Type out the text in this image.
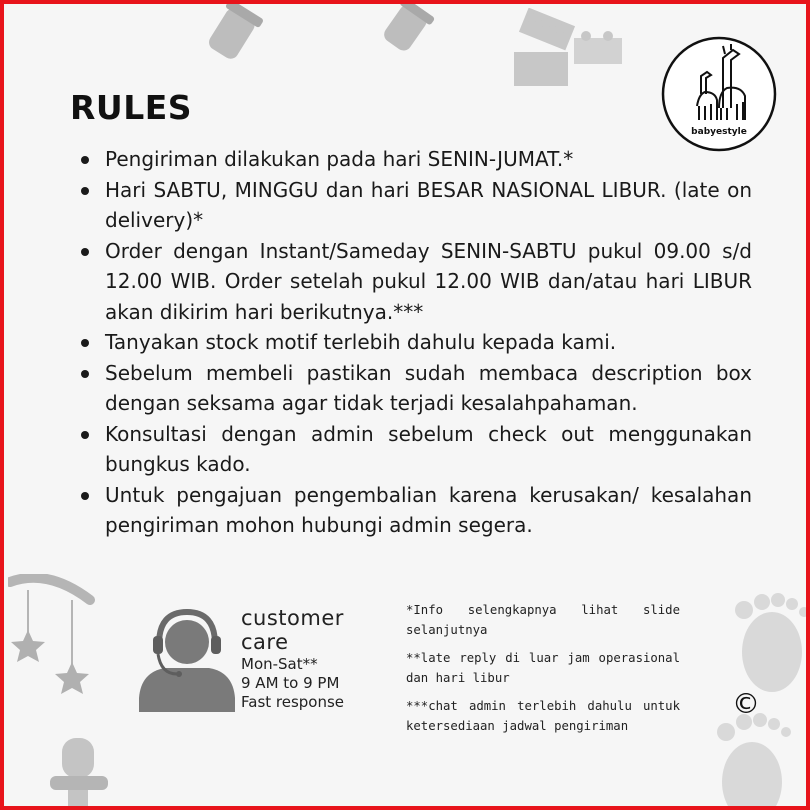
babyestyle
RULES
Pengiriman dilakukan pada hari SENIN-JUMAT.*
Hari SABTU, MINGGU dan hari BESAR NASIONAL LIBUR. (late on delivery)*
Order dengan Instant/Sameday SENIN-SABTU pukul 09.00 s/d 12.00 WIB. Order setelah pukul 12.00 WIB dan/atau hari LIBUR akan dikirim hari berikutnya.***
Tanyakan stock motif terlebih dahulu kepada kami.
Sebelum membeli pastikan sudah membaca description box dengan seksama agar tidak terjadi kesalahpahaman.
Konsultasi dengan admin sebelum check out menggunakan bungkus kado.
Untuk pengajuan pengembalian karena kerusakan/ kesalahan pengiriman mohon hubungi admin segera.
customer care
Mon-Sat**
9 AM to 9 PM
Fast response

*Info selengkapnya lihat slide selanjutnya

**late reply di luar jam operasional dan hari libur

***chat admin terlebih dahulu untuk ketersediaan jadwal pengiriman

©
